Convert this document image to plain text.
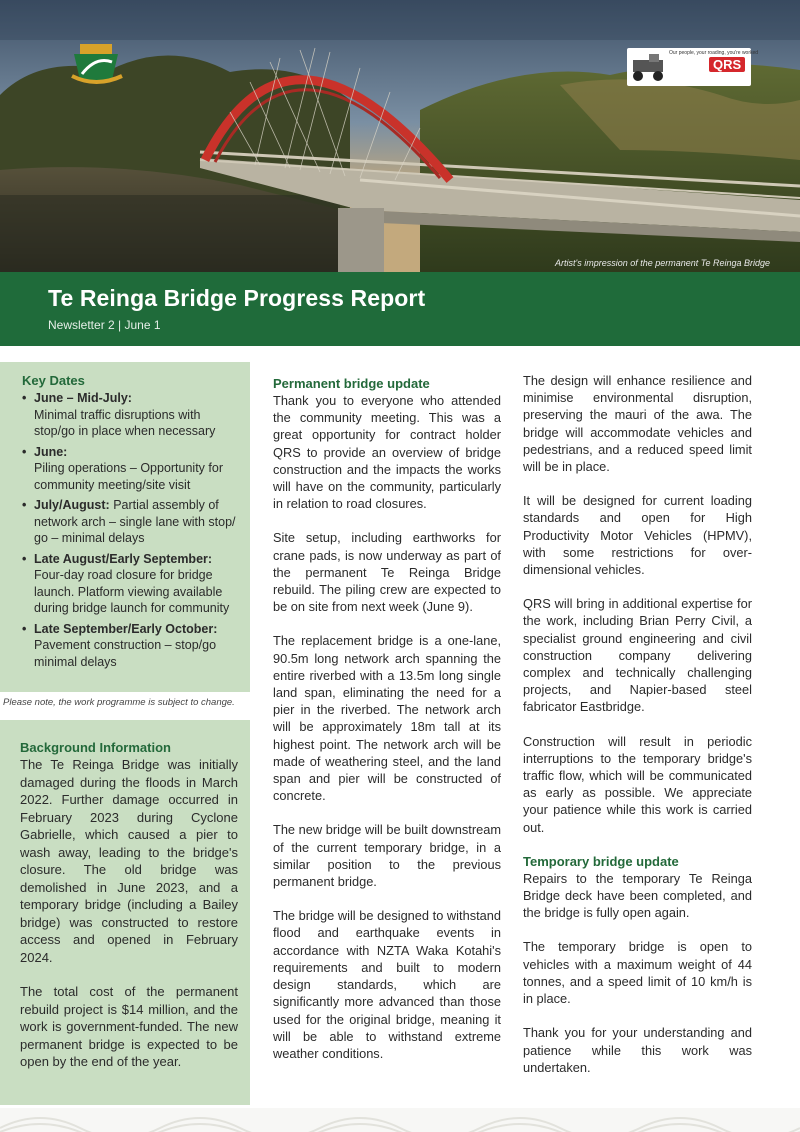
Artist's impression of the permanent Te Reinga Bridge
Our people, your roading, you're worked
QRS
Te Reinga Bridge Progress Report
Newsletter 2 | June 1
Key Dates
• June – Mid-July:
Minimal traffic disruptions with stop/go in place when necessary
• June:
Piling operations – Opportunity for community meeting/site visit
• July/August: Partial assembly of network arch – single lane with stop/ go – minimal delays
• Late August/Early September:
Four-day road closure for bridge launch. Platform viewing available during bridge launch for community
• Late September/Early October:
Pavement construction – stop/go minimal delays
Please note, the work programme is subject to change.
Background Information

The Te Reinga Bridge was initially damaged during the floods in March 2022. Further damage occurred in February 2023 during Cyclone Gabrielle, which caused a pier to wash away, leading to the bridge's closure. The old bridge was demolished in June 2023, and a temporary bridge (including a Bailey bridge) was constructed to restore access and opened in February 2024.

The total cost of the permanent rebuild project is $14 million, and the work is government-funded. The new permanent bridge is expected to be open by the end of the year.

Permanent bridge update

Thank you to everyone who attended the community meeting. This was a great opportunity for contract holder QRS to provide an overview of bridge construction and the impacts the works will have on the community, particularly in relation to road closures.

Site setup, including earthworks for crane pads, is now underway as part of the permanent Te Reinga Bridge rebuild. The piling crew are expected to be on site from next week (June 9).

The replacement bridge is a one-lane, 90.5m long network arch spanning the entire riverbed with a 13.5m long single land span, eliminating the need for a pier in the riverbed. The network arch will be approximately 18m tall at its highest point. The network arch will be made of weathering steel, and the land span and pier will be constructed of concrete.

The new bridge will be built downstream of the current temporary bridge, in a similar position to the previous permanent bridge.

The bridge will be designed to withstand flood and earthquake events in accordance with NZTA Waka Kotahi's requirements and built to modern design standards, which are significantly more advanced than those used for the original bridge, meaning it will be able to withstand extreme weather conditions.

The design will enhance resilience and minimise environmental disruption, preserving the mauri of the awa. The bridge will accommodate vehicles and pedestrians, and a reduced speed limit will be in place.

It will be designed for current loading standards and open for High Productivity Motor Vehicles (HPMV), with some restrictions for over-dimensional vehicles.

QRS will bring in additional expertise for the work, including Brian Perry Civil, a specialist ground engineering and civil construction company delivering complex and technically challenging projects, and Napier-based steel fabricator Eastbridge.

Construction will result in periodic interruptions to the temporary bridge's traffic flow, which will be communicated as early as possible. We appreciate your patience while this work is carried out.

Temporary bridge update

Repairs to the temporary Te Reinga Bridge deck have been completed, and the bridge is fully open again.

The temporary bridge is open to vehicles with a maximum weight of 44 tonnes, and a speed limit of 10 km/h is in place.

Thank you for your understanding and patience while this work was undertaken.
